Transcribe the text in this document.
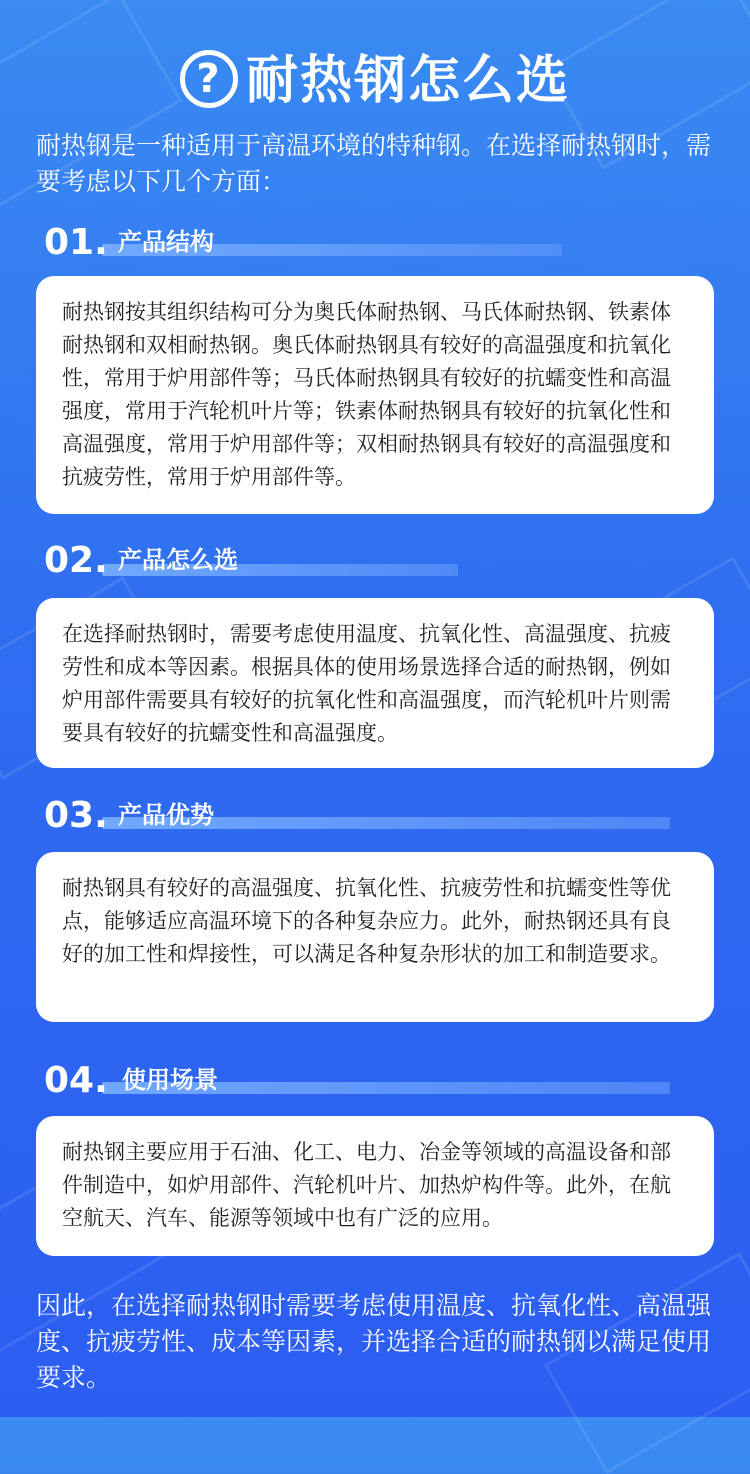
? 耐热钢怎么选
耐热钢是一种适用于高温环境的特种钢。在选择耐热钢时，需要考虑以下几个方面：
01. 产品结构
耐热钢按其组织结构可分为奥氏体耐热钢、马氏体耐热钢、铁素体耐热钢和双相耐热钢。奥氏体耐热钢具有较好的高温强度和抗氧化性，常用于炉用部件等；马氏体耐热钢具有较好的抗蠕变性和高温强度，常用于汽轮机叶片等；铁素体耐热钢具有较好的抗氧化性和高温强度，常用于炉用部件等；双相耐热钢具有较好的高温强度和抗疲劳性，常用于炉用部件等。
02. 产品怎么选
在选择耐热钢时，需要考虑使用温度、抗氧化性、高温强度、抗疲劳性和成本等因素。根据具体的使用场景选择合适的耐热钢，例如炉用部件需要具有较好的抗氧化性和高温强度，而汽轮机叶片则需要具有较好的抗蠕变性和高温强度。
03. 产品优势
耐热钢具有较好的高温强度、抗氧化性、抗疲劳性和抗蠕变性等优点，能够适应高温环境下的各种复杂应力。此外，耐热钢还具有良好的加工性和焊接性，可以满足各种复杂形状的加工和制造要求。
04. 使用场景
耐热钢主要应用于石油、化工、电力、冶金等领域的高温设备和部件制造中，如炉用部件、汽轮机叶片、加热炉构件等。此外，在航空航天、汽车、能源等领域中也有广泛的应用。
因此，在选择耐热钢时需要考虑使用温度、抗氧化性、高温强度、抗疲劳性、成本等因素，并选择合适的耐热钢以满足使用要求。
